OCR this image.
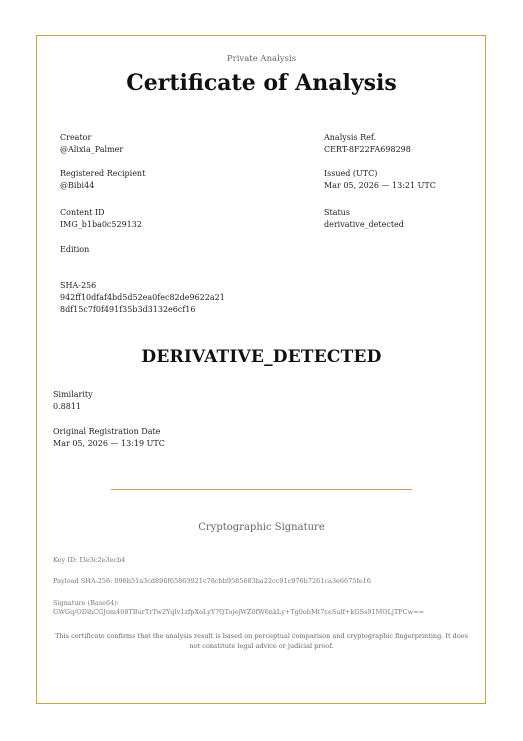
Private Analysis
Certificate of Analysis
Creator
@Alixia_Palmer
Registered Recipient
@Bibi44
Content ID
IMG_b1ba0c529132
Edition
SHA-256
942ff10dfaf4bd5d52ea0fec82de9622a21
8df15c7f0f491f35b3d3132e6cf16
Analysis Ref.
CERT-8F22FA698298
Issued (UTC)
Mar 05, 2026 — 13:21 UTC
Status
derivative_detected
DERIVATIVE_DETECTED
Similarity
0.8811
Original Registration Date
Mar 05, 2026 — 13:19 UTC
Cryptographic Signature
Key ID: f3e3c2e3ecb4
Payload SHA-256: 096b51a3cd896f65863921c78cbb9585683ba22cc91c976b7261ca3e6675fe16
Signature (Base64):
GWGq/ODihCGJom408TBurTrTw2Yqlv1zfpXoLyY7QTojejWZ0fW6nkLy+Tg0obMt7ceSulf+kGSs91MOLjTPCw==
This certificate confirms that the analysis result is based on perceptual comparison and cryptographic fingerprinting. It does not constitute legal advice or judicial proof.
